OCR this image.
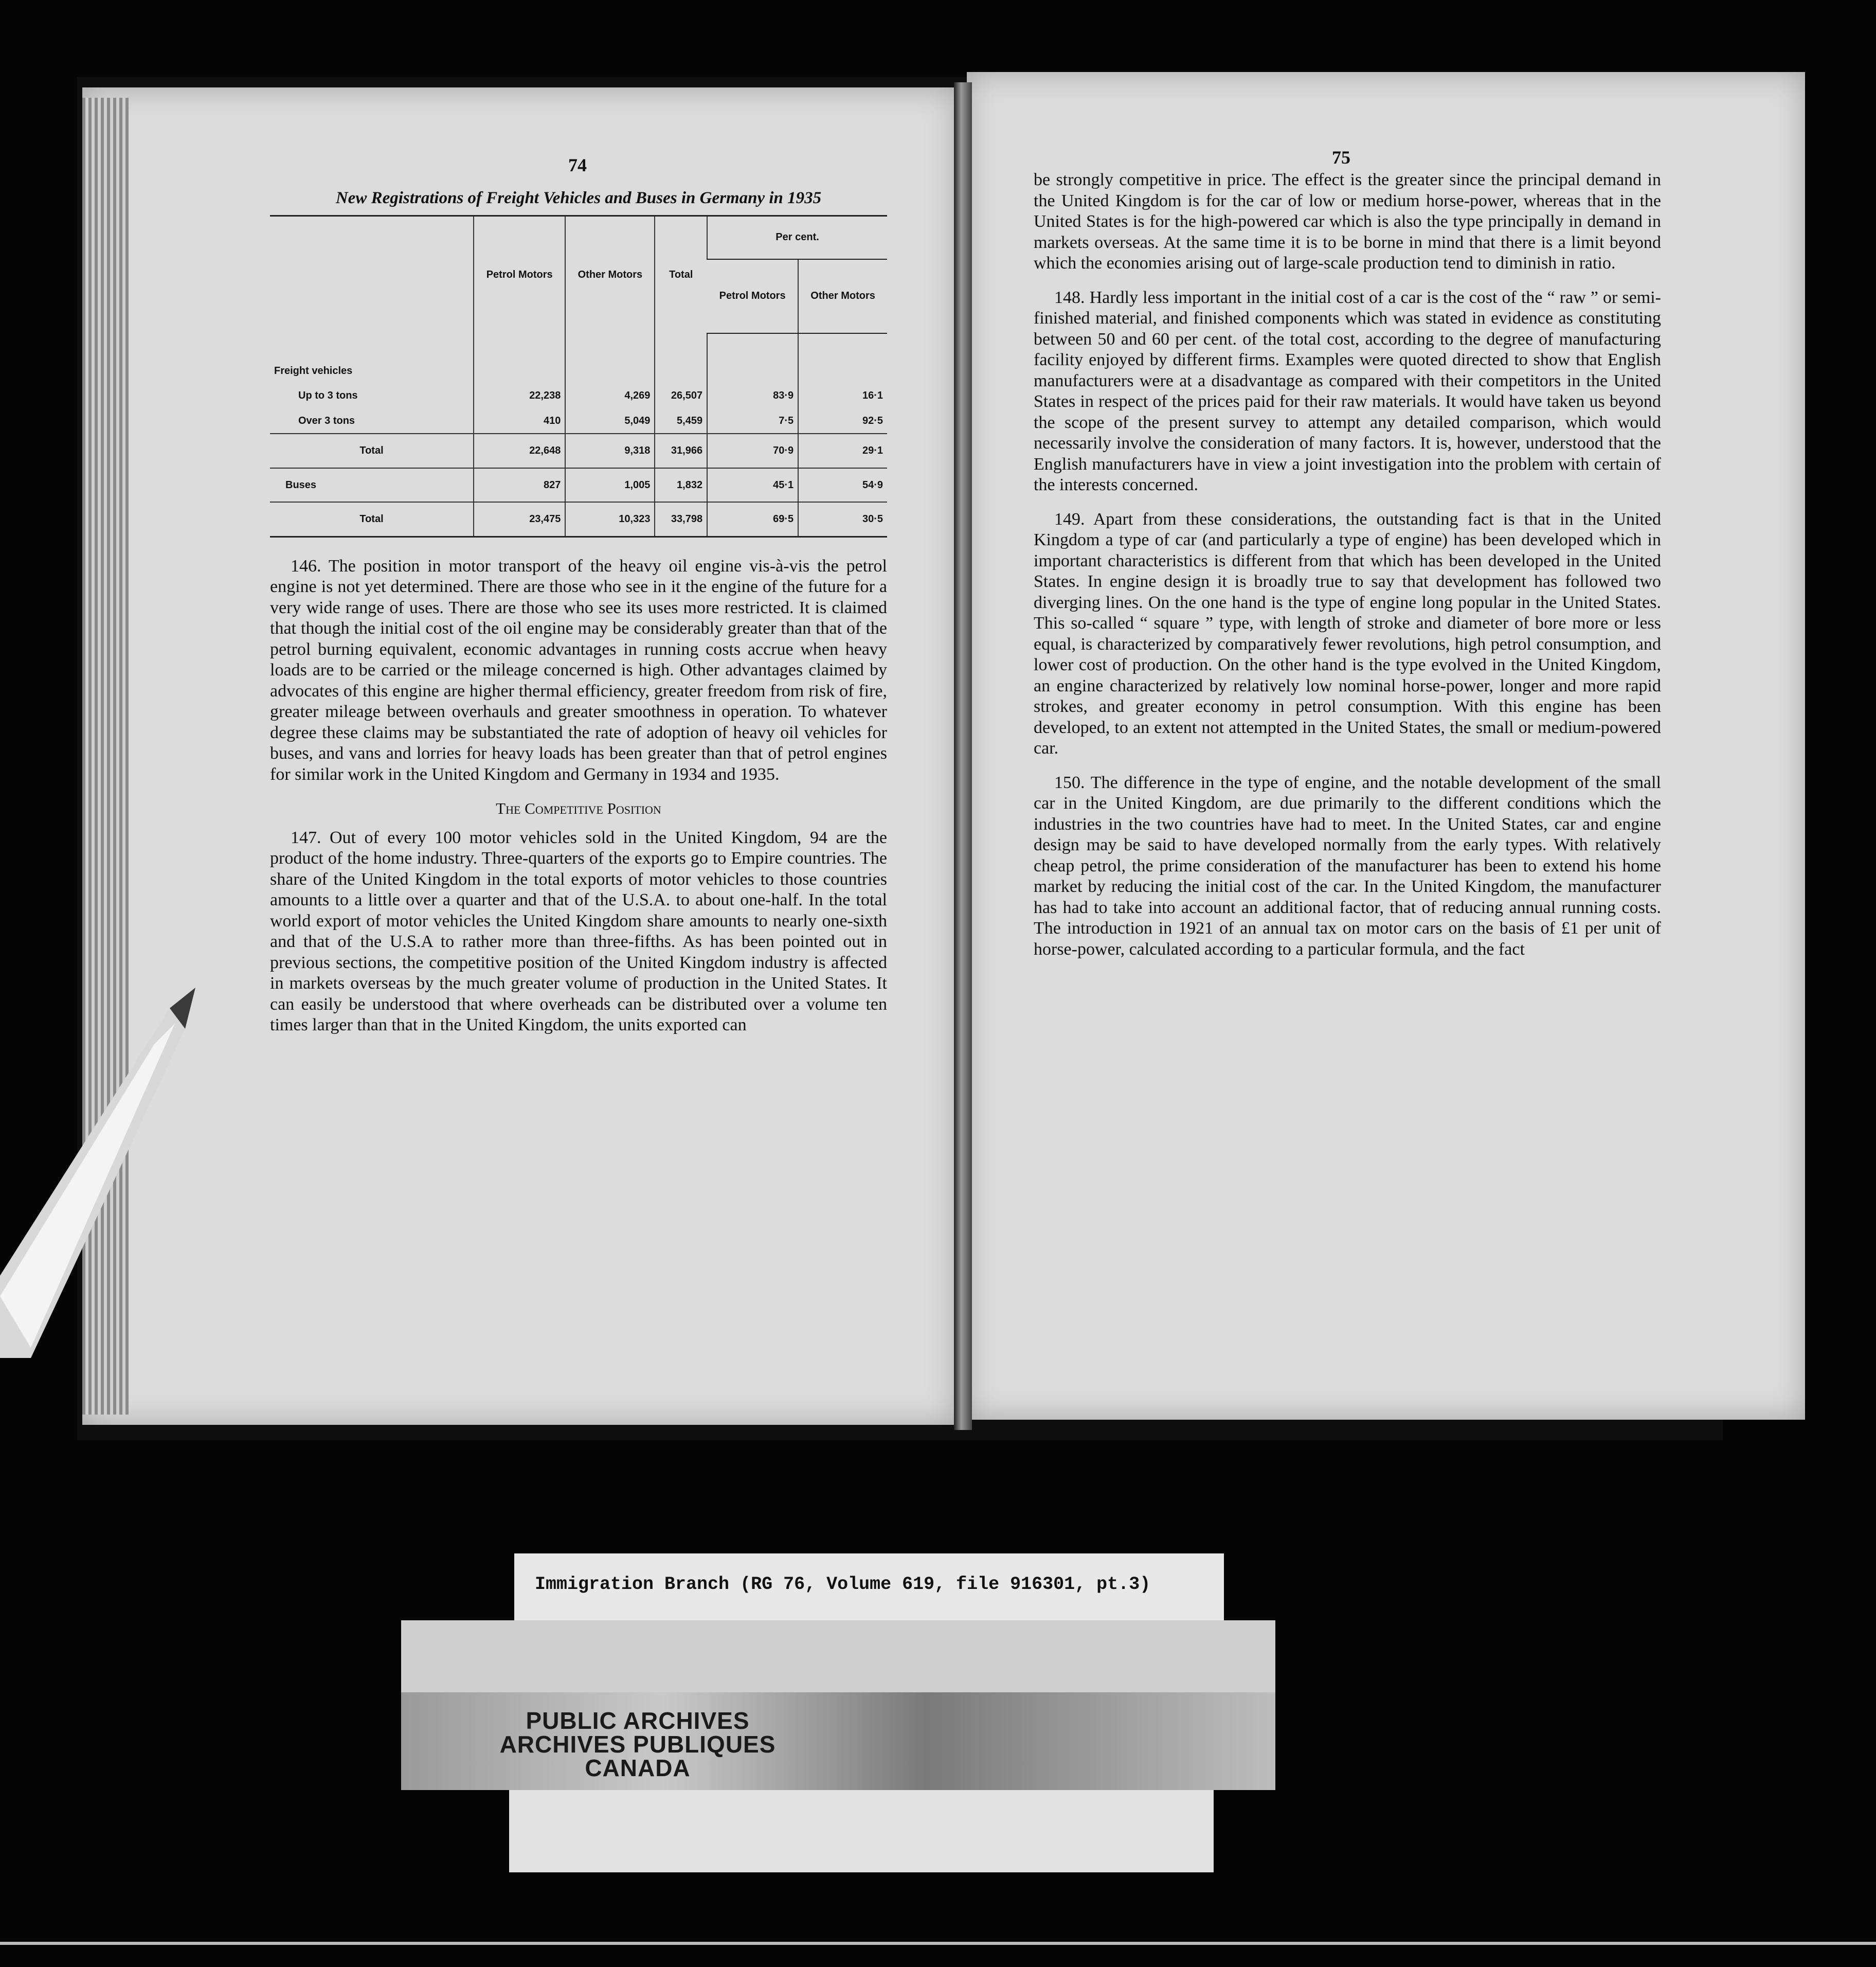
74	75
New Registrations of Freight Vehicles and Buses in Germany in 1935
	Petrol Motors	Other Motors	Total	Per cent.	
				Petrol Motors	Other Motors

Freight vehicles					
Up to 3 tons	22,238	4,269	26,507	83·9	16·1
Over 3 tons	410	5,049	5,459	7·5	92·5
Total	22,648	9,318	31,966	70·9	29·1
Buses	827	1,005	1,832	45·1	54·9
Total	23,475	10,323	33,798	69·5	30·5

146. The position in motor transport of the heavy oil engine vis-à-vis the petrol engine is not yet determined. There are those who see in it the engine of the future for a very wide range of uses. There are those who see its uses more restricted. It is claimed that though the initial cost of the oil engine may be considerably greater than that of the petrol burning equivalent, economic advantages in running costs accrue when heavy loads are to be carried or the mileage concerned is high. Other advantages claimed by advocates of this engine are higher thermal efficiency, greater freedom from risk of fire, greater mileage between overhauls and greater smoothness in operation. To whatever degree these claims may be substantiated the rate of adoption of heavy oil vehicles for buses, and vans and lorries for heavy loads has been greater than that of petrol engines for similar work in the United Kingdom and Germany in 1934 and 1935.

The Competitive Position

147. Out of every 100 motor vehicles sold in the United Kingdom, 94 are the product of the home industry. Three-quarters of the exports go to Empire countries. The share of the United Kingdom in the total exports of motor vehicles to those countries amounts to a little over a quarter and that of the U.S.A. to about one-half. In the total world export of motor vehicles the United Kingdom share amounts to nearly one-sixth and that of the U.S.A to rather more than three-fifths. As has been pointed out in previous sections, the competitive position of the United Kingdom industry is affected in markets overseas by the much greater volume of production in the United States. It can easily be understood that where overheads can be distributed over a volume ten times larger than that in the United Kingdom, the units exported can

be strongly competitive in price. The effect is the greater since the principal demand in the United Kingdom is for the car of low or medium horse-power, whereas that in the United States is for the high-powered car which is also the type principally in demand in markets overseas. At the same time it is to be borne in mind that there is a limit beyond which the economies arising out of large-scale production tend to diminish in ratio.

148. Hardly less important in the initial cost of a car is the cost of the “ raw ” or semi-finished material, and finished components which was stated in evidence as constituting between 50 and 60 per cent. of the total cost, according to the degree of manufacturing facility enjoyed by different firms. Examples were quoted directed to show that English manufacturers were at a disadvantage as compared with their competitors in the United States in respect of the prices paid for their raw materials. It would have taken us beyond the scope of the present survey to attempt any detailed comparison, which would necessarily involve the consideration of many factors. It is, however, understood that the English manufacturers have in view a joint investigation into the problem with certain of the interests concerned.

149. Apart from these considerations, the outstanding fact is that in the United Kingdom a type of car (and particularly a type of engine) has been developed which in important characteristics is different from that which has been developed in the United States. In engine design it is broadly true to say that development has followed two diverging lines. On the one hand is the type of engine long popular in the United States. This so-called “ square ” type, with length of stroke and diameter of bore more or less equal, is characterized by comparatively fewer revolutions, high petrol consumption, and lower cost of production. On the other hand is the type evolved in the United Kingdom, an engine characterized by relatively low nominal horse-power, longer and more rapid strokes, and greater economy in petrol consumption. With this engine has been developed, to an extent not attempted in the United States, the small or medium-powered car.

150. The difference in the type of engine, and the notable development of the small car in the United Kingdom, are due primarily to the different conditions which the industries in the two countries have had to meet. In the United States, car and engine design may be said to have developed normally from the early types. With relatively cheap petrol, the prime consideration of the manufacturer has been to extend his home market by reducing the initial cost of the car. In the United Kingdom, the manufacturer has had to take into account an additional factor, that of reducing annual running costs. The introduction in 1921 of an annual tax on motor cars on the basis of £1 per unit of horse-power, calculated according to a particular formula, and the fact

Immigration Branch (RG 76, Volume 619, file 916301, pt.3)
PUBLIC ARCHIVES
ARCHIVES PUBLIQUES
CANADA
